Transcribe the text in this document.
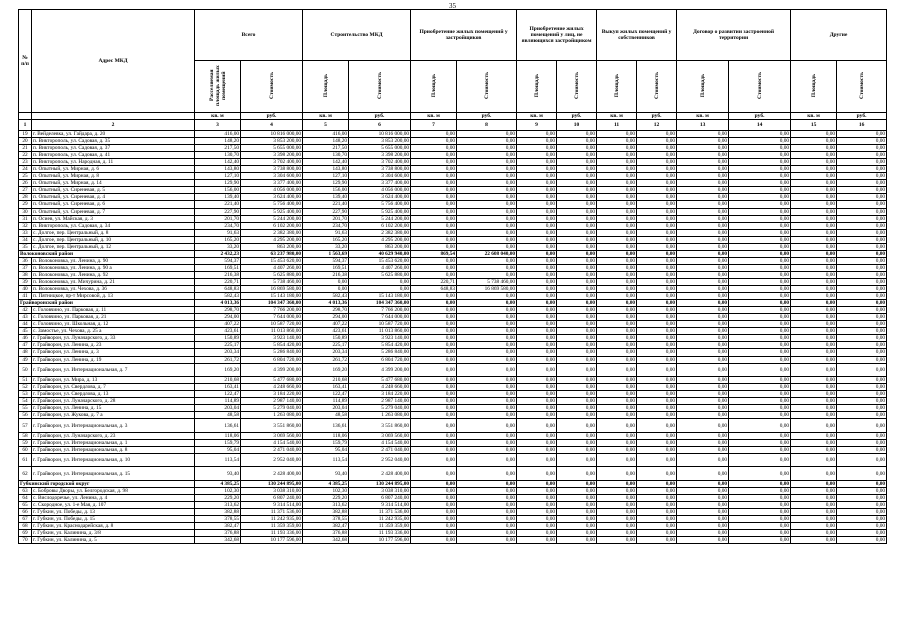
35
№ п/п	Адрес МКД	Всего		Строительство МКД		Приобретение жилых помещений у застройщиков		Приобретение жилых помещений у лиц, не являющихся застройщиком		Выкуп жилых помещений у собственников		Договор о развитии застроенной территории		Другие	
		Расселяемая площадь жилых помещений	Стоимость	Площадь	Стоимость	Площадь	Стоимость	Площадь	Стоимость	Площадь	Стоимость	Площадь	Стоимость	Площадь	Стоимость
		кв. м	руб.	кв. м	руб.	кв. м	руб.	кв. м	руб.	кв. м	руб.	кв. м	руб.	кв. м	руб.
1	2	3	4	5	6	7	8	9	10	11	12	13	14	15	16
19	г. Вейделевка, ул. Гайдара, д. 20	416,00	10 816 000,00	416,00	10 816 000,00	0,00	0,00	0,00	0,00	0,00	0,00	0,00	0,00	0,00	0,00
20	п. Викторополь, ул. Садовая, д. 35	148,20	3 853 200,00	148,20	3 853 200,00	0,00	0,00	0,00	0,00	0,00	0,00	0,00	0,00	0,00	0,00
21	п. Викторополь, ул. Садовая, д. 37	217,50	5 655 000,00	217,50	5 655 000,00	0,00	0,00	0,00	0,00	0,00	0,00	0,00	0,00	0,00	0,00
22	п. Викторополь, ул. Садовая, д. 41	130,70	3 398 200,00	130,70	3 398 200,00	0,00	0,00	0,00	0,00	0,00	0,00	0,00	0,00	0,00	0,00
23	п. Викторополь, ул. Народная, д. 11	142,40	3 702 400,00	142,40	3 702 400,00	0,00	0,00	0,00	0,00	0,00	0,00	0,00	0,00	0,00	0,00
24	п. Опытный, ул. Мирная, д. 6	143,80	3 738 800,00	143,80	3 738 800,00	0,00	0,00	0,00	0,00	0,00	0,00	0,00	0,00	0,00	0,00
25	п. Опытный, ул. Мирная, д. 8	127,10	3 304 600,00	127,10	3 304 600,00	0,00	0,00	0,00	0,00	0,00	0,00	0,00	0,00	0,00	0,00
26	п. Опытный, ул. Мирная, д. 14	129,90	3 377 400,00	129,90	3 377 400,00	0,00	0,00	0,00	0,00	0,00	0,00	0,00	0,00	0,00	0,00
27	п. Опытный, ул. Сиреневая, д. 5	156,00	4 056 000,00	156,00	4 056 000,00	0,00	0,00	0,00	0,00	0,00	0,00	0,00	0,00	0,00	0,00
28	п. Опытный, ул. Сиреневая, д. 4	139,40	3 624 400,00	139,40	3 624 400,00	0,00	0,00	0,00	0,00	0,00	0,00	0,00	0,00	0,00	0,00
29	п. Опытный, ул. Сиреневая, д. 6	221,40	5 756 400,00	221,40	5 756 400,00	0,00	0,00	0,00	0,00	0,00	0,00	0,00	0,00	0,00	0,00
30	п. Опытный, ул. Сиреневая, д. 7	227,90	5 925 400,00	227,90	5 925 400,00	0,00	0,00	0,00	0,00	0,00	0,00	0,00	0,00	0,00	0,00
31	п. Осиев, ул. Майская, д. 3	201,70	5 244 200,00	201,70	5 244 200,00	0,00	0,00	0,00	0,00	0,00	0,00	0,00	0,00	0,00	0,00
32	п. Викторополь, ул. Садовая, д. 34	234,70	6 102 200,00	234,70	6 102 200,00	0,00	0,00	0,00	0,00	0,00	0,00	0,00	0,00	0,00	0,00
33	с. Долгое, пер. Центральный, д. 8	91,63	2 382 380,00	91,63	2 382 380,00	0,00	0,00	0,00	0,00	0,00	0,00	0,00	0,00	0,00	0,00
34	с. Долгое, пер. Центральный, д. 10	165,20	4 295 200,00	165,20	4 295 200,00	0,00	0,00	0,00	0,00	0,00	0,00	0,00	0,00	0,00	0,00
35	с. Долгое, пер. Центральный, д. 12	33,20	863 200,00	33,20	863 200,00	0,00	0,00	0,00	0,00	0,00	0,00	0,00	0,00	0,00	0,00
Волоконовский район		2 432,23	63 237 980,00	1 563,69	40 629 940,00	869,54	22 608 040,00	0,00	0,00	0,00	0,00	0,00	0,00	0,00	0,00
36	п. Волоконовка, ул. Ленина, д. 90	594,37	15 453 620,00	594,37	15 453 620,00	0,00	0,00	0,00	0,00	0,00	0,00	0,00	0,00	0,00	0,00
37	п. Волоконовка, ул. Ленина, д. 90 а	169,51	4 407 260,00	169,51	4 407 260,00	0,00	0,00	0,00	0,00	0,00	0,00	0,00	0,00	0,00	0,00
38	п. Волоконовка, ул. Ленина, д. 92	216,38	5 625 880,00	216,38	5 625 880,00	0,00	0,00	0,00	0,00	0,00	0,00	0,00	0,00	0,00	0,00
39	п. Волоконовка, ул. Мичурина, д. 21	220,71	5 738 460,00	0,00	0,00	220,71	5 738 460,00	0,00	0,00	0,00	0,00	0,00	0,00	0,00	0,00
40	п. Волоконовка, ул. Чехова, д. 36	648,83	16 869 580,00	0,00	0,00	648,83	16 869 580,00	0,00	0,00	0,00	0,00	0,00	0,00	0,00	0,00
41	п. Пятницкое, пр-т Мирсовой, д. 13	582,43	15 143 180,00	582,43	15 143 180,00	0,00	0,00	0,00	0,00	0,00	0,00	0,00	0,00	0,00	0,00
Грайворонский район		4 013,36	104 347 360,00	4 013,36	104 347 360,00	0,00	0,00	0,00	0,00	0,00	0,00	0,00	0,00	0,00	0,00
42	с. Головчино, ул. Парковая, д. 11	298,70	7 766 200,00	298,70	7 766 200,00	0,00	0,00	0,00	0,00	0,00	0,00	0,00	0,00	0,00	0,00
43	с. Головчино, ул. Парковая, д. 21	294,00	7 644 000,00	294,00	7 644 000,00	0,00	0,00	0,00	0,00	0,00	0,00	0,00	0,00	0,00	0,00
44	с. Головчино, ул. Школьная, д. 12	407,22	10 587 720,00	407,22	10 587 720,00	0,00	0,00	0,00	0,00	0,00	0,00	0,00	0,00	0,00	0,00
45	с. Замостье, ул. Чехова, д. 25 а	423,61	11 013 860,00	423,61	11 013 860,00	0,00	0,00	0,00	0,00	0,00	0,00	0,00	0,00	0,00	0,00
46	г. Грайворон, ул. Луначарского, д. 33	150,89	3 923 140,00	150,89	3 923 140,00	0,00	0,00	0,00	0,00	0,00	0,00	0,00	0,00	0,00	0,00
47	г. Грайворон, ул. Ленина, д. 23	225,17	5 854 420,00	225,17	5 854 420,00	0,00	0,00	0,00	0,00	0,00	0,00	0,00	0,00	0,00	0,00
48	г. Грайворон, ул. Ленина, д. 3	203,34	5 286 840,00	203,34	5 286 840,00	0,00	0,00	0,00	0,00	0,00	0,00	0,00	0,00	0,00	0,00
49	г. Грайворон, ул. Ленина, д. 19	261,72	6 804 720,00	261,72	6 804 720,00	0,00	0,00	0,00	0,00	0,00	0,00	0,00	0,00	0,00	0,00
50	г. Грайворон, ул. Интернациональная, д. 7	169,20	4 399 200,00	169,20	4 399 200,00	0,00	0,00	0,00	0,00	0,00	0,00	0,00	0,00	0,00	0,00
51	г. Грайворон, ул. Мира, д. 13	210,68	5 477 680,00	210,68	5 477 680,00	0,00	0,00	0,00	0,00	0,00	0,00	0,00	0,00	0,00	0,00
52	г. Грайворон, ул. Свердлова, д. 7	163,41	4 248 660,00	163,41	4 248 660,00	0,00	0,00	0,00	0,00	0,00	0,00	0,00	0,00	0,00	0,00
53	г. Грайворон, ул. Свердлова, д. 13	122,47	3 184 220,00	122,47	3 184 220,00	0,00	0,00	0,00	0,00	0,00	0,00	0,00	0,00	0,00	0,00
54	г. Грайворон, ул. Луначарского, д. 28	114,89	2 987 140,00	114,89	2 987 140,00	0,00	0,00	0,00	0,00	0,00	0,00	0,00	0,00	0,00	0,00
55	г. Грайворон, ул. Ленина, д. 15	203,04	5 279 040,00	203,04	5 279 040,00	0,00	0,00	0,00	0,00	0,00	0,00	0,00	0,00	0,00	0,00
56	г. Грайворон, ул. Жукова, д. 7 а	48,58	1 263 080,00	48,58	1 263 080,00	0,00	0,00	0,00	0,00	0,00	0,00	0,00	0,00	0,00	0,00
57	г. Грайворон, ул. Интернациональная, д. 3	136,61	3 551 860,00	136,61	3 551 860,00	0,00	0,00	0,00	0,00	0,00	0,00	0,00	0,00	0,00	0,00
58	г. Грайворон, ул. Луначарского, д. 23	118,06	3 069 560,00	118,06	3 069 560,00	0,00	0,00	0,00	0,00	0,00	0,00	0,00	0,00	0,00	0,00
59	г. Грайворон, ул. Интернациональная, д. 1	159,79	4 154 540,00	159,79	4 154 540,00	0,00	0,00	0,00	0,00	0,00	0,00	0,00	0,00	0,00	0,00
60	г. Грайворон, ул. Интернациональная, д. 8	95,04	2 471 040,00	95,04	2 471 040,00	0,00	0,00	0,00	0,00	0,00	0,00	0,00	0,00	0,00	0,00
61	г. Грайворон, ул. Интернациональная, д. 10	113,54	2 952 040,00	113,54	2 952 040,00	0,00	0,00	0,00	0,00	0,00	0,00	0,00	0,00	0,00	0,00
62	г. Грайворон, ул. Интернациональная, д. 15	93,40	2 428 400,00	93,40	2 428 400,00	0,00	0,00	0,00	0,00	0,00	0,00	0,00	0,00	0,00	0,00
Губкинский городской округ		4 385,25	130 244 895,00	4 385,25	130 244 895,00	0,00	0,00	0,00	0,00	0,00	0,00	0,00	0,00	0,00	0,00
63	с. Бобровы Дворы, ул. Белгородская, д. 98	102,30	3 038 310,00	102,30	3 038 310,00	0,00	0,00	0,00	0,00	0,00	0,00	0,00	0,00	0,00	0,00
64	с. Вислодоречье, ул. Ленина, д. 4	229,20	6 807 240,00	229,20	6 807 240,00	0,00	0,00	0,00	0,00	0,00	0,00	0,00	0,00	0,00	0,00
65	с. Скородное, ул. 1-е Мая, д. 107	313,62	9 314 514,00	313,62	9 314 514,00	0,00	0,00	0,00	0,00	0,00	0,00	0,00	0,00	0,00	0,00
66	г. Губкин, ул. Победы, д. 13	382,88	11 371 536,00	382,88	11 371 536,00	0,00	0,00	0,00	0,00	0,00	0,00	0,00	0,00	0,00	0,00
67	г. Губкин, ул. Победы, д. 15	378,55	11 242 935,00	378,55	11 242 935,00	0,00	0,00	0,00	0,00	0,00	0,00	0,00	0,00	0,00	0,00
68	г. Губкин, ул. Краснодарейская, д. 8	382,47	11 359 359,00	382,47	11 359 359,00	0,00	0,00	0,00	0,00	0,00	0,00	0,00	0,00	0,00	0,00
69	г. Губкин, ул. Калинина, д. 3/8	376,88	11 193 336,00	376,88	11 193 336,00	0,00	0,00	0,00	0,00	0,00	0,00	0,00	0,00	0,00	0,00
70	г. Губкин, ул. Калинина, д. 5	342,68	10 177 596,00	342,68	10 177 596,00	0,00	0,00	0,00	0,00	0,00	0,00	0,00	0,00	0,00	0,00
